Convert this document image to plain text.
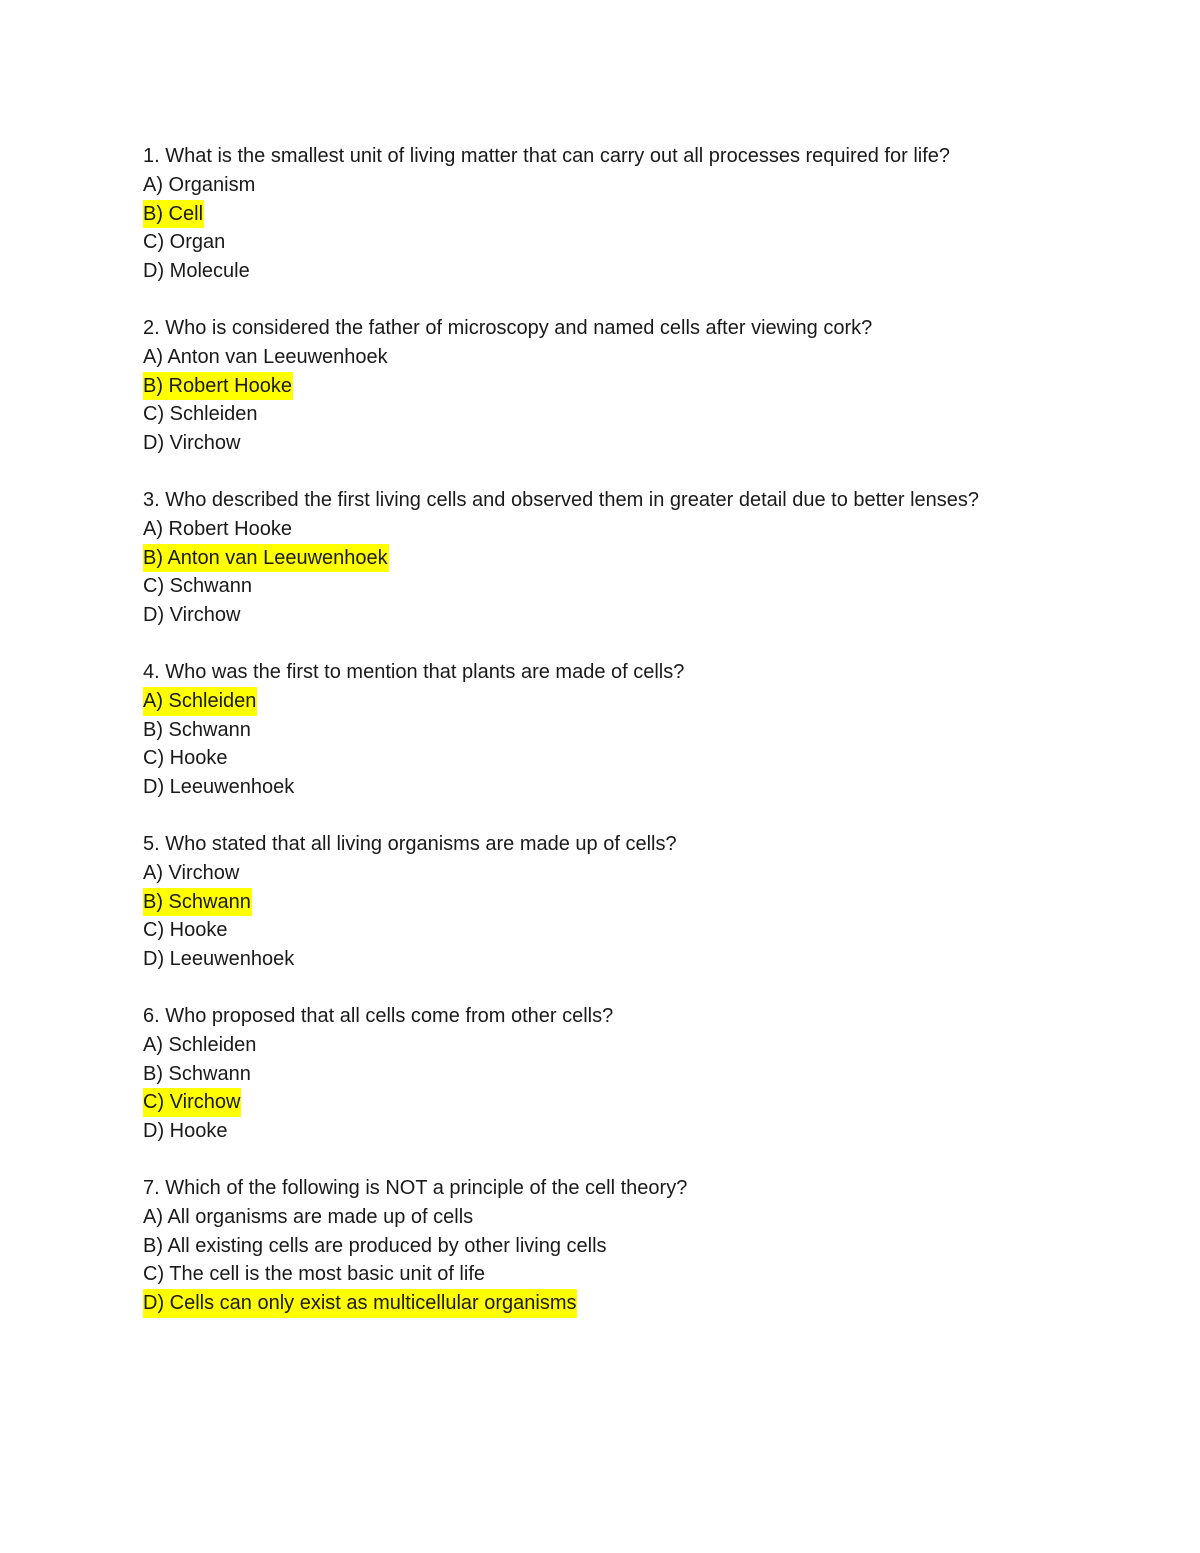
1. What is the smallest unit of living matter that can carry out all processes required for life?
A) Organism
B) Cell
C) Organ
D) Molecule
2. Who is considered the father of microscopy and named cells after viewing cork?
A) Anton van Leeuwenhoek
B) Robert Hooke
C) Schleiden
D) Virchow
3. Who described the first living cells and observed them in greater detail due to better lenses?
A) Robert Hooke
B) Anton van Leeuwenhoek
C) Schwann
D) Virchow
4. Who was the first to mention that plants are made of cells?
A) Schleiden
B) Schwann
C) Hooke
D) Leeuwenhoek
5. Who stated that all living organisms are made up of cells?
A) Virchow
B) Schwann
C) Hooke
D) Leeuwenhoek
6. Who proposed that all cells come from other cells?
A) Schleiden
B) Schwann
C) Virchow
D) Hooke
7. Which of the following is NOT a principle of the cell theory?
A) All organisms are made up of cells
B) All existing cells are produced by other living cells
C) The cell is the most basic unit of life
D) Cells can only exist as multicellular organisms
